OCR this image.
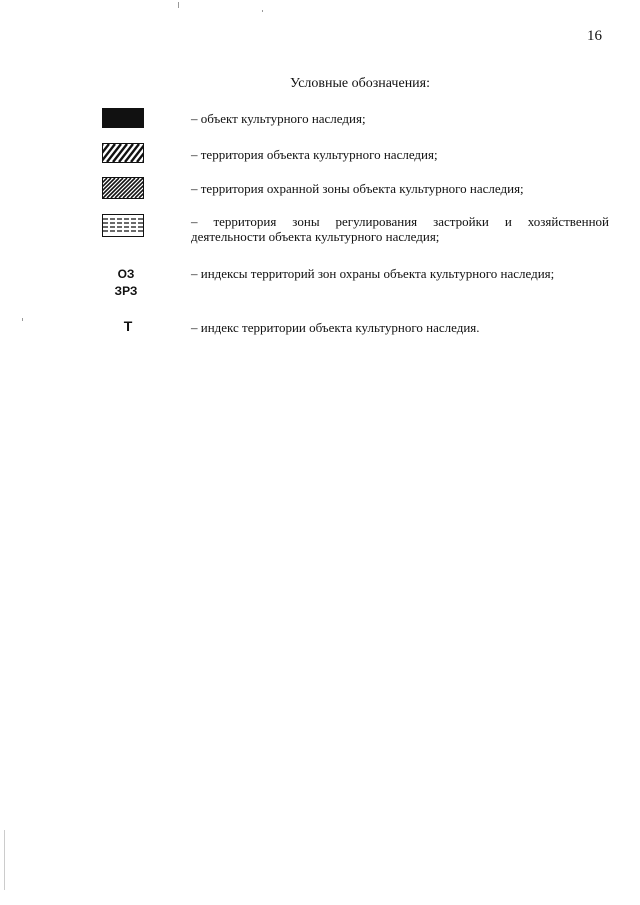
16
Условные обозначения:
– объект культурного наследия;
– территория объекта культурного наследия;
– территория охранной зоны объекта культурного наследия;
– территория зоны регулирования застройки и хозяйственной деятельности объекта культурного наследия;
ОЗ
ЗРЗ
– индексы территорий зон охраны объекта культурного наследия;
Т	– индекс территории объекта культурного наследия.
